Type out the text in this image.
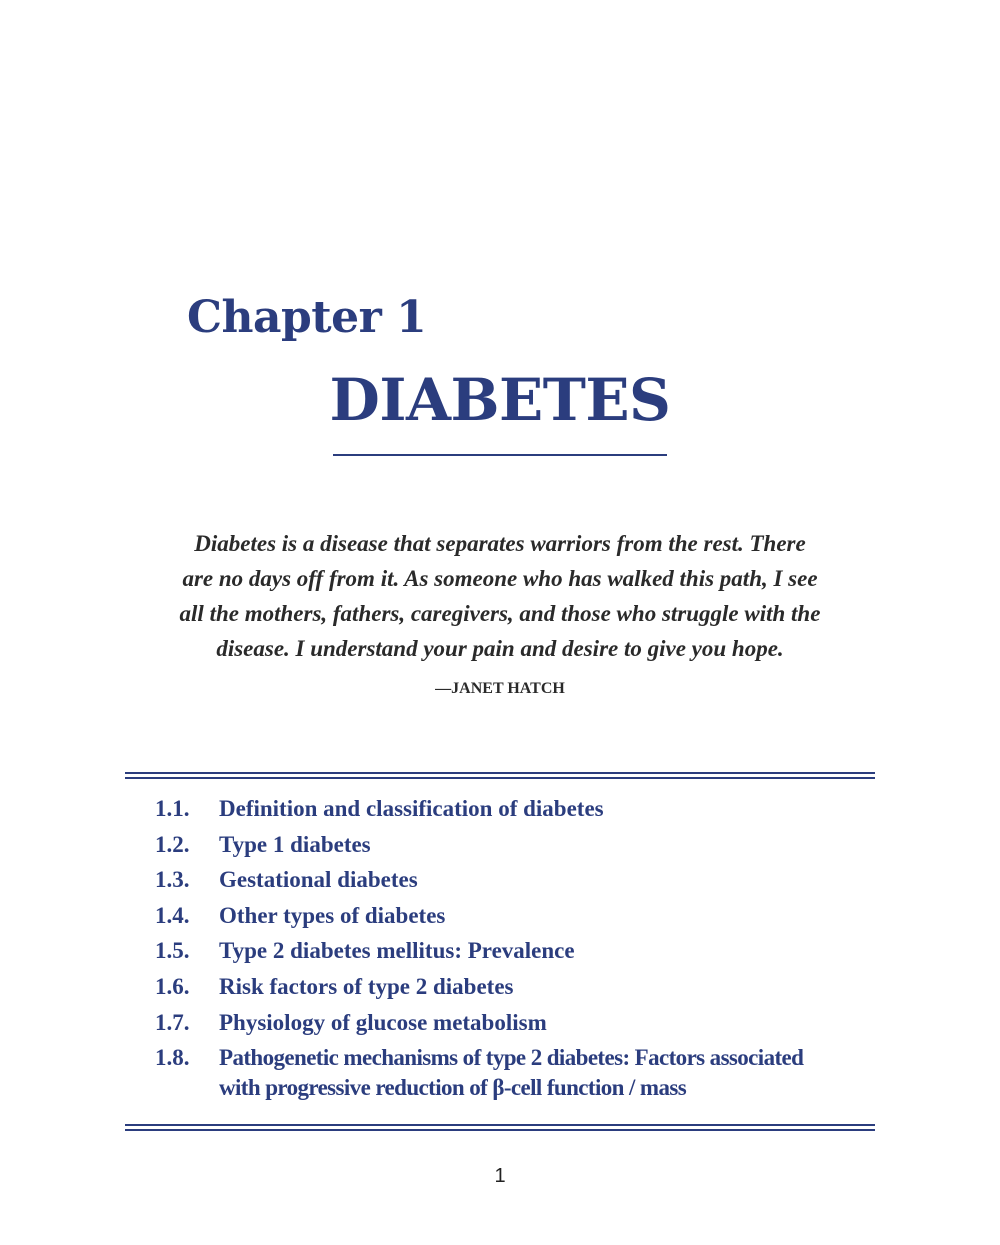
Chapter 1
DIABETES
Diabetes is a disease that separates warriors from the rest. There
are no days off from it. As someone who has walked this path, I see
all the mothers, fathers, caregivers, and those who struggle with the
disease. I understand your pain and desire to give you hope.
—JANET HATCH
1.1.	Definition and classification of diabetes
1.2.	Type 1 diabetes
1.3.	Gestational diabetes
1.4.	Other types of diabetes
1.5.	Type 2 diabetes mellitus: Prevalence
1.6.	Risk factors of type 2 diabetes
1.7.	Physiology of glucose metabolism
1.8.	Pathogenetic mechanisms of type 2 diabetes: Factors associated
with progressive reduction of β-cell function / mass
1
